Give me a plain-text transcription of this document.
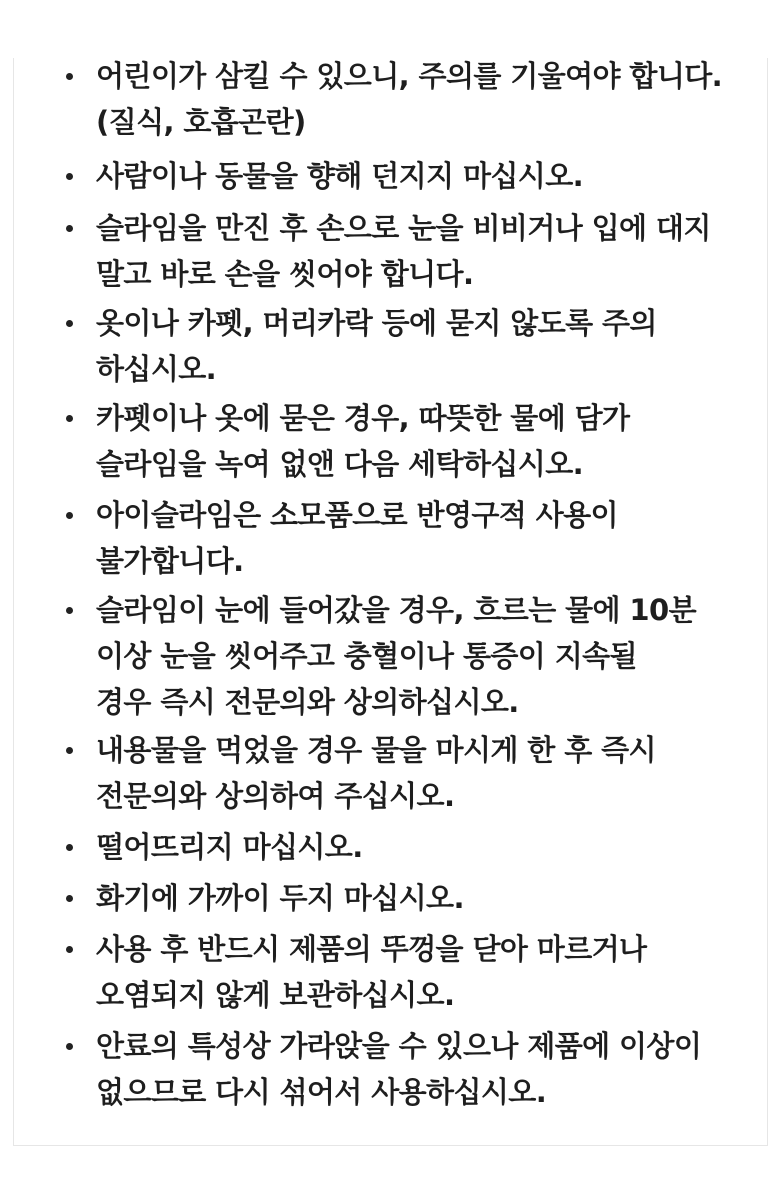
어린이가 삼킬 수 있으니, 주의를 기울여야 합니다.
(질식, 호흡곤란)
사람이나 동물을 향해 던지지 마십시오.
슬라임을 만진 후 손으로 눈을 비비거나 입에 대지
말고 바로 손을 씻어야 합니다.
옷이나 카펫, 머리카락 등에 묻지 않도록 주의
하십시오.
카펫이나 옷에 묻은 경우, 따뜻한 물에 담가
슬라임을 녹여 없앤 다음 세탁하십시오.
아이슬라임은 소모품으로 반영구적 사용이
불가합니다.
슬라임이 눈에 들어갔을 경우, 흐르는 물에 10분
이상 눈을 씻어주고 충혈이나 통증이 지속될
경우 즉시 전문의와 상의하십시오.
내용물을 먹었을 경우 물을 마시게 한 후 즉시
전문의와 상의하여 주십시오.
떨어뜨리지 마십시오.
화기에 가까이 두지 마십시오.
사용 후 반드시 제품의 뚜껑을 닫아 마르거나
오염되지 않게 보관하십시오.
안료의 특성상 가라앉을 수 있으나 제품에 이상이
없으므로 다시 섞어서 사용하십시오.
